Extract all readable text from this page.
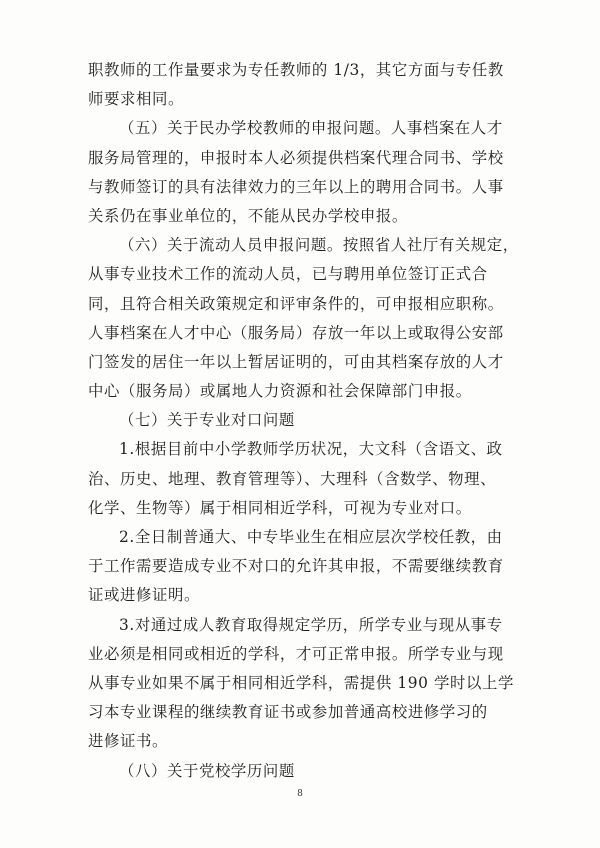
职教师的工作量要求为专任教师的 1/3，其它方面与专任教
师要求相同。
（五）关于民办学校教师的申报问题。人事档案在人才
服务局管理的，申报时本人必须提供档案代理合同书、学校
与教师签订的具有法律效力的三年以上的聘用合同书。人事
关系仍在事业单位的，不能从民办学校申报。
（六）关于流动人员申报问题。按照省人社厅有关规定，
从事专业技术工作的流动人员，已与聘用单位签订正式合
同，且符合相关政策规定和评审条件的，可申报相应职称。
人事档案在人才中心（服务局）存放一年以上或取得公安部
门签发的居住一年以上暂居证明的，可由其档案存放的人才
中心（服务局）或属地人力资源和社会保障部门申报。
（七）关于专业对口问题
1.根据目前中小学教师学历状况，大文科（含语文、政
治、历史、地理、教育管理等）、大理科（含数学、物理、
化学、生物等）属于相同相近学科，可视为专业对口。
2.全日制普通大、中专毕业生在相应层次学校任教，由
于工作需要造成专业不对口的允许其申报，不需要继续教育
证或进修证明。
3.对通过成人教育取得规定学历，所学专业与现从事专
业必须是相同或相近的学科，才可正常申报。所学专业与现
从事专业如果不属于相同相近学科，需提供 190 学时以上学
习本专业课程的继续教育证书或参加普通高校进修学习的
进修证书。
（八）关于党校学历问题
8
